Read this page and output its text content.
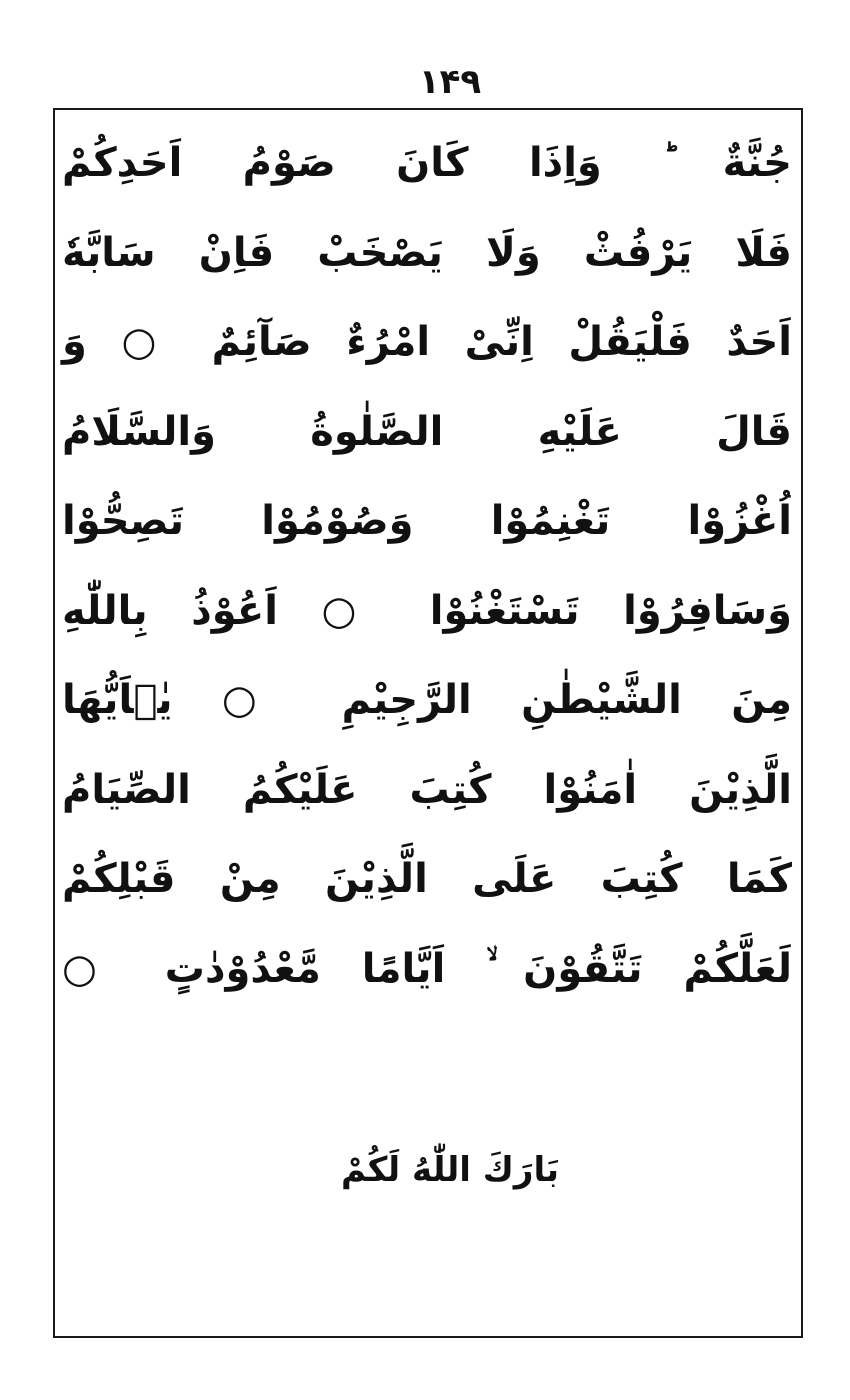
۱۴۹
جُنَّةٌ ؕ وَاِذَا كَانَ صَوْمُ اَحَدِكُمْ
فَلَا يَرْفُثْ وَلَا يَصْخَبْ فَاِنْ سَابَّهٗ
اَحَدٌ فَلْيَقُلْ اِنِّیْ امْرُءٌ صَآئِمٌ ○ وَ
قَالَ عَلَيْهِ الصَّلٰوةُ وَالسَّلَامُ
اُغْزُوْا تَغْنِمُوْا وَصُوْمُوْا تَصِحُّوْا
وَسَافِرُوْا تَسْتَغْنُوْا ○ اَعُوْذُ بِاللّٰهِ
مِنَ الشَّيْطٰنِ الرَّجِيْمِ ○ يٰۤاَيُّهَا
الَّذِيْنَ اٰمَنُوْا كُتِبَ عَلَيْكُمُ الصِّيَامُ
كَمَا كُتِبَ عَلَى الَّذِيْنَ مِنْ قَبْلِكُمْ
لَعَلَّكُمْ تَتَّقُوْنَ ۙ اَيَّامًا مَّعْدُوْدٰتٍ ○
بَارَكَ اللّٰهُ لَكُمْ
